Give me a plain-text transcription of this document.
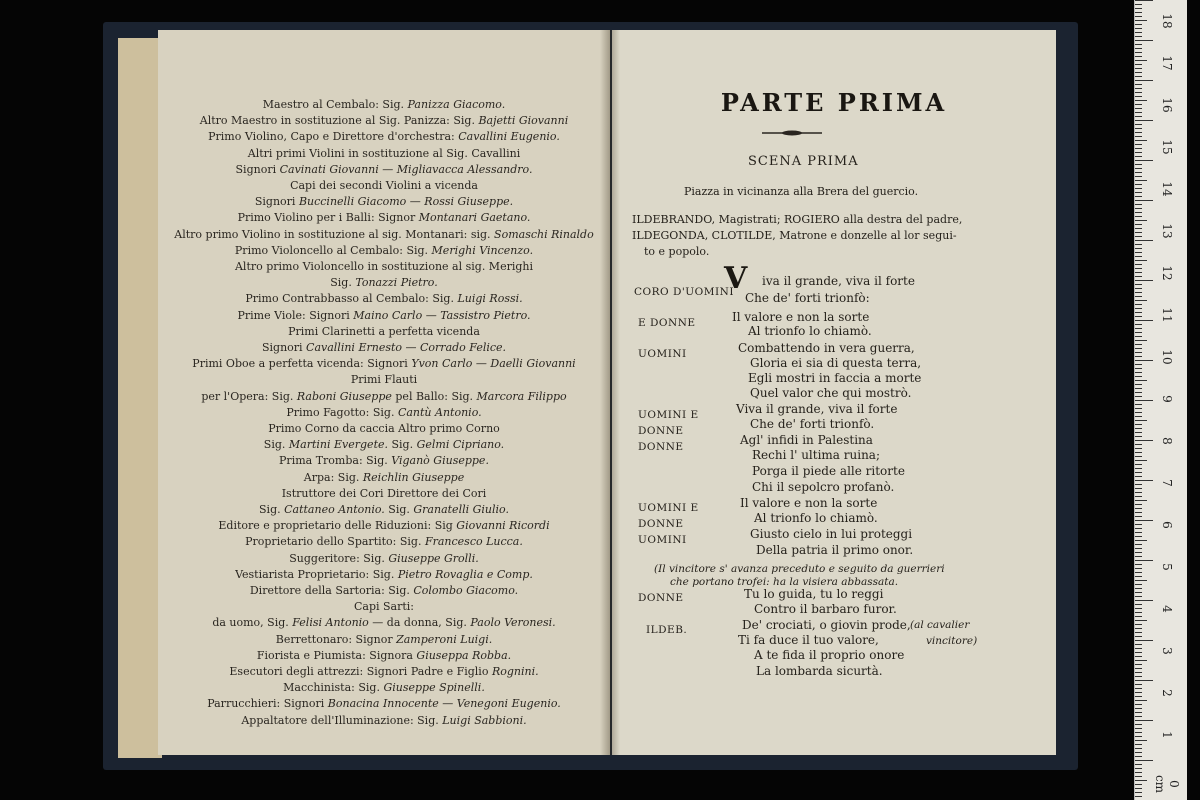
Maestro al Cembalo: Sig. Panizza Giacomo.
Altro Maestro in sostituzione al Sig. Panizza: Sig. Bajetti Giovanni
Primo Violino, Capo e Direttore d'orchestra: Cavallini Eugenio.
Altri primi Violini in sostituzione al Sig. Cavallini
Signori Cavinati Giovanni — Migliavacca Alessandro.
Capi dei secondi Violini a vicenda
Signori Buccinelli Giacomo — Rossi Giuseppe.
Primo Violino per i Balli: Signor Montanari Gaetano.
Altro primo Violino in sostituzione al sig. Montanari: sig. Somaschi Rinaldo
Primo Violoncello al Cembalo: Sig. Merighi Vincenzo.
Altro primo Violoncello in sostituzione al sig. Merighi
Sig. Tonazzi Pietro.
Primo Contrabbasso al Cembalo: Sig. Luigi Rossi.
Prime Viole: Signori Maino Carlo — Tassistro Pietro.
Primi Clarinetti a perfetta vicenda
Signori Cavallini Ernesto — Corrado Felice.
Primi Oboe a perfetta vicenda: Signori Yvon Carlo — Daelli Giovanni
Primi Flauti
per l'Opera: Sig. Raboni Giuseppe pel Ballo: Sig. Marcora Filippo
Primo Fagotto: Sig. Cantù Antonio.
Primo Corno da caccia Altro primo Corno
Sig. Martini Evergete. Sig. Gelmi Cipriano.
Prima Tromba: Sig. Viganò Giuseppe.
Arpa: Sig. Reichlin Giuseppe
Istruttore dei Cori Direttore dei Cori
Sig. Cattaneo Antonio. Sig. Granatelli Giulio.
Editore e proprietario delle Riduzioni: Sig Giovanni Ricordi
Proprietario dello Spartito: Sig. Francesco Lucca.
Suggeritore: Sig. Giuseppe Grolli.
Vestiarista Proprietario: Sig. Pietro Rovaglia e Comp.
Direttore della Sartoria: Sig. Colombo Giacomo.
Capi Sarti:
da uomo, Sig. Felisi Antonio — da donna, Sig. Paolo Veronesi.
Berrettonaro: Signor Zamperoni Luigi.
Fiorista e Piumista: Signora Giuseppa Robba.
Esecutori degli attrezzi: Signori Padre e Figlio Rognini.
Macchinista: Sig. Giuseppe Spinelli.
Parrucchieri: Signori Bonacina Innocente — Venegoni Eugenio.
Appaltatore dell'Illuminazione: Sig. Luigi Sabbioni.
PARTE PRIMA
SCENA PRIMA
Piazza in vicinanza alla Brera del guercio.
ILDEBRANDO, Magistrati; ROGIERO alla destra del padre,
ILDEGONDA, CLOTILDE, Matrone e donzelle al lor segui-
to e popolo.
V
CORO D'UOMINI
E DONNE
UOMINI
UOMINI E
DONNE
DONNE
UOMINI E
DONNE
UOMINI
DONNE
ILDEB.
iva il grande, viva il forte
Che de' forti trionfò:
Il valore e non la sorte
Al trionfo lo chiamò.
Combattendo in vera guerra,
Gloria ei sia di questa terra,
Egli mostri in faccia a morte
Quel valor che qui mostrò.
Viva il grande, viva il forte
Che de' forti trionfò.
Agl' infidi in Palestina
Rechi l' ultima ruina;
Porga il piede alle ritorte
Chi il sepolcro profanò.
Il valore e non la sorte
Al trionfo lo chiamò.
Giusto cielo in lui proteggi
Della patria il primo onor.
(Il vincitore s' avanza preceduto e seguito da guerrieri
che portano trofei: ha la visiera abbassata.
Tu lo guida, tu lo reggi
Contro il barbaro furor.
De' crociati, o giovin prode,
Ti fa duce il tuo valore,
A te fida il proprio onore
La lombarda sicurtà.
(al cavalier
vincitore)
0 cm
1
2
3
4
5
6
7
8
9
10
11
12
13
14
15
16
17
18
